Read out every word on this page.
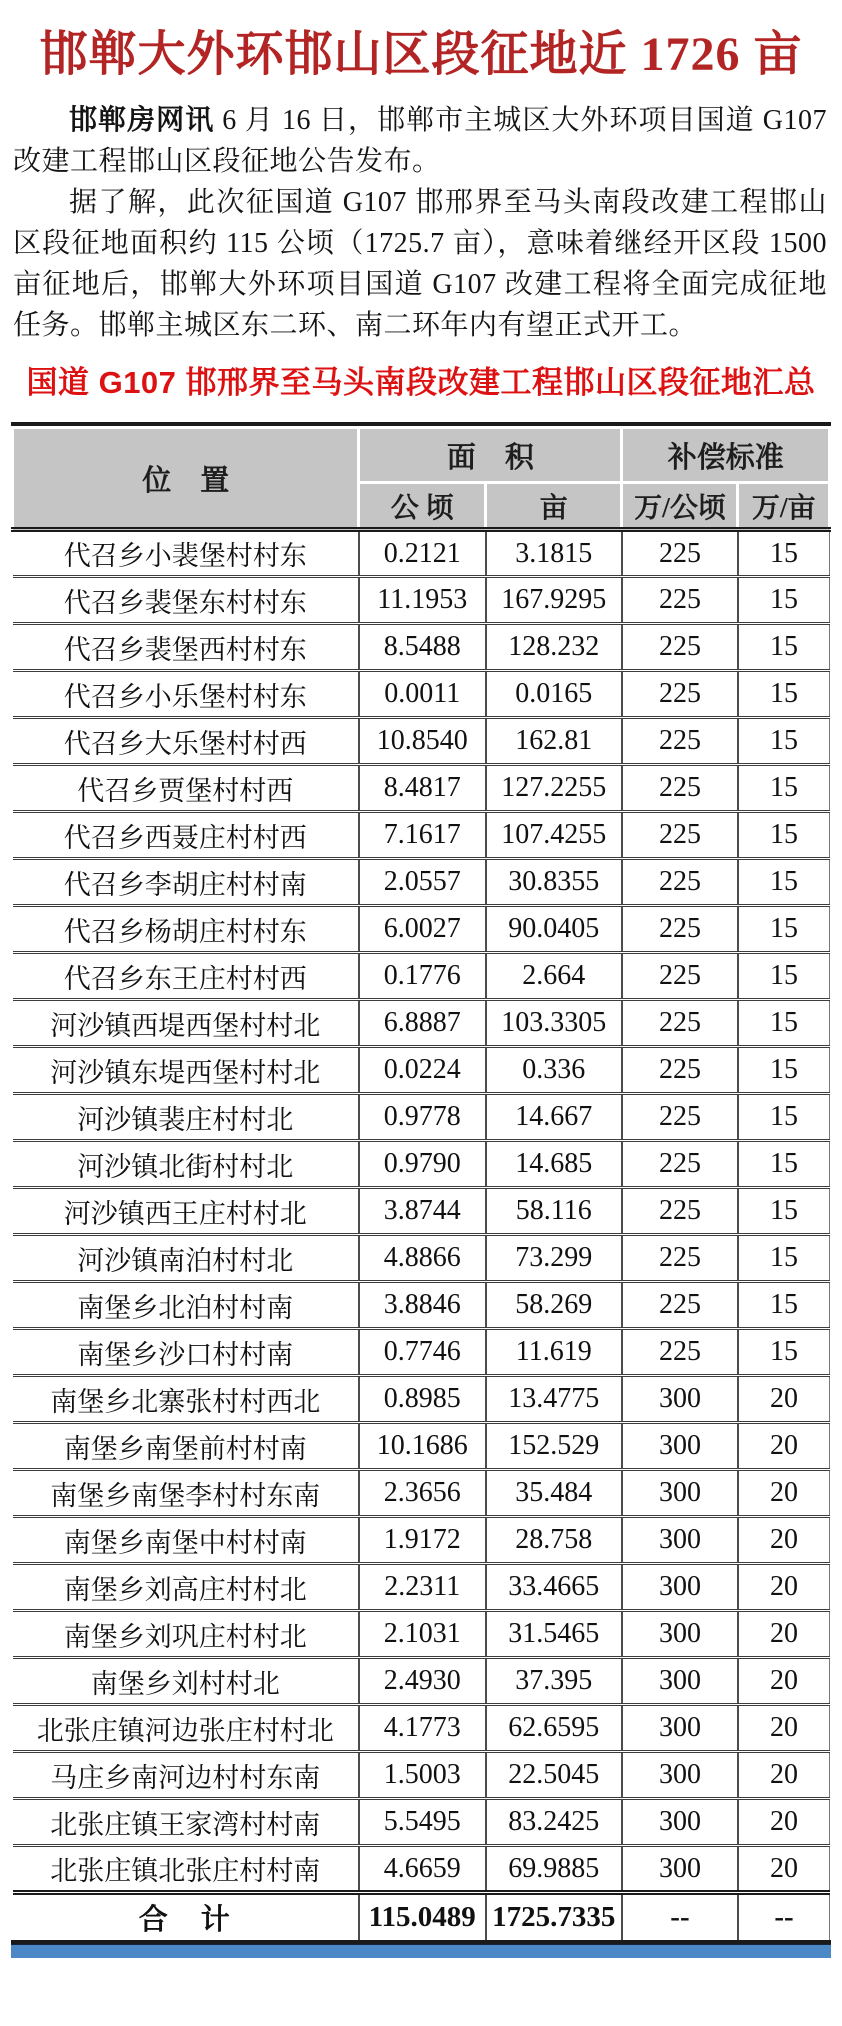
邯郸大外环邯山区段征地近 1726 亩

邯郸房网讯 6 月 16 日，邯郸市主城区大外环项目国道 G107 改建工程邯山区段征地公告发布。

据了解，此次征国道 G107 邯邢界至马头南段改建工程邯山区段征地面积约 115 公顷（1725.7 亩），意味着继经开区段 1500 亩征地后，邯郸大外环项目国道 G107 改建工程将全面完成征地任务。邯郸主城区东二环、南二环年内有望正式开工。

国道 G107 邯邢界至马头南段改建工程邯山区段征地汇总
位　置	面　积		补偿标准	
	公 顷	亩	万/公顷	万/亩
代召乡小裴堡村村东	0.2121	3.1815	225	15
代召乡裴堡东村村东	11.1953	167.9295	225	15
代召乡裴堡西村村东	8.5488	128.232	225	15
代召乡小乐堡村村东	0.0011	0.0165	225	15
代召乡大乐堡村村西	10.8540	162.81	225	15
代召乡贾堡村村西	8.4817	127.2255	225	15
代召乡西聂庄村村西	7.1617	107.4255	225	15
代召乡李胡庄村村南	2.0557	30.8355	225	15
代召乡杨胡庄村村东	6.0027	90.0405	225	15
代召乡东王庄村村西	0.1776	2.664	225	15
河沙镇西堤西堡村村北	6.8887	103.3305	225	15
河沙镇东堤西堡村村北	0.0224	0.336	225	15
河沙镇裴庄村村北	0.9778	14.667	225	15
河沙镇北街村村北	0.9790	14.685	225	15
河沙镇西王庄村村北	3.8744	58.116	225	15
河沙镇南泊村村北	4.8866	73.299	225	15
南堡乡北泊村村南	3.8846	58.269	225	15
南堡乡沙口村村南	0.7746	11.619	225	15
南堡乡北寨张村村西北	0.8985	13.4775	300	20
南堡乡南堡前村村南	10.1686	152.529	300	20
南堡乡南堡李村村东南	2.3656	35.484	300	20
南堡乡南堡中村村南	1.9172	28.758	300	20
南堡乡刘高庄村村北	2.2311	33.4665	300	20
南堡乡刘巩庄村村北	2.1031	31.5465	300	20
南堡乡刘村村北	2.4930	37.395	300	20
北张庄镇河边张庄村村北	4.1773	62.6595	300	20
马庄乡南河边村村东南	1.5003	22.5045	300	20
北张庄镇王家湾村村南	5.5495	83.2425	300	20
北张庄镇北张庄村村南	4.6659	69.9885	300	20
合　计	115.0489	1725.7335	--	--
